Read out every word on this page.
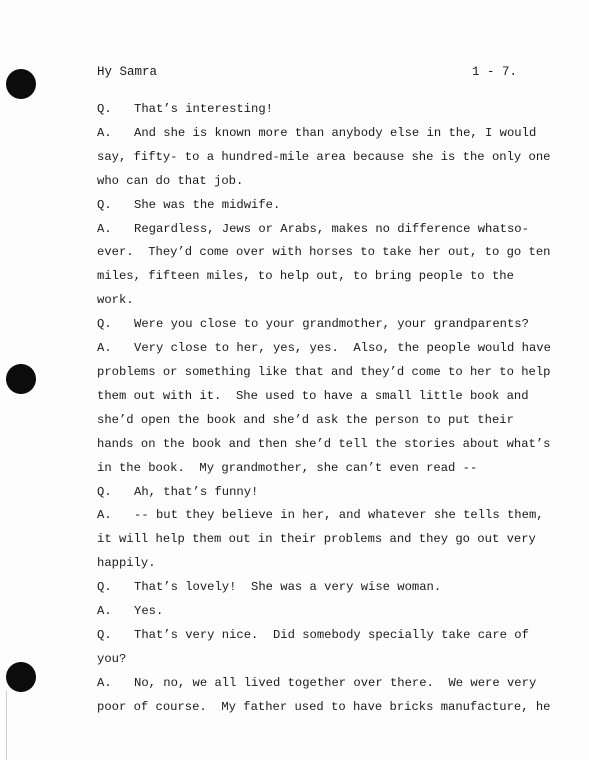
Hy Samra	1 - 7.
Q. That’s interesting!
A. And she is known more than anybody else in the, I would
say, fifty- to a hundred-mile area because she is the only one
who can do that job.
Q. She was the midwife.
A. Regardless, Jews or Arabs, makes no difference whatso-
ever.  They’d come over with horses to take her out, to go ten
miles, fifteen miles, to help out, to bring people to the
work.
Q. Were you close to your grandmother, your grandparents?
A. Very close to her, yes, yes.  Also, the people would have
problems or something like that and they’d come to her to help
them out with it.  She used to have a small little book and
she’d open the book and she’d ask the person to put their
hands on the book and then she’d tell the stories about what’s
in the book.  My grandmother, she can’t even read --
Q. Ah, that’s funny!
A. -- but they believe in her, and whatever she tells them,
it will help them out in their problems and they go out very
happily.
Q. That’s lovely!  She was a very wise woman.
A. Yes.
Q. That’s very nice.  Did somebody specially take care of
you?
A. No, no, we all lived together over there.  We were very
poor of course.  My father used to have bricks manufacture, he
